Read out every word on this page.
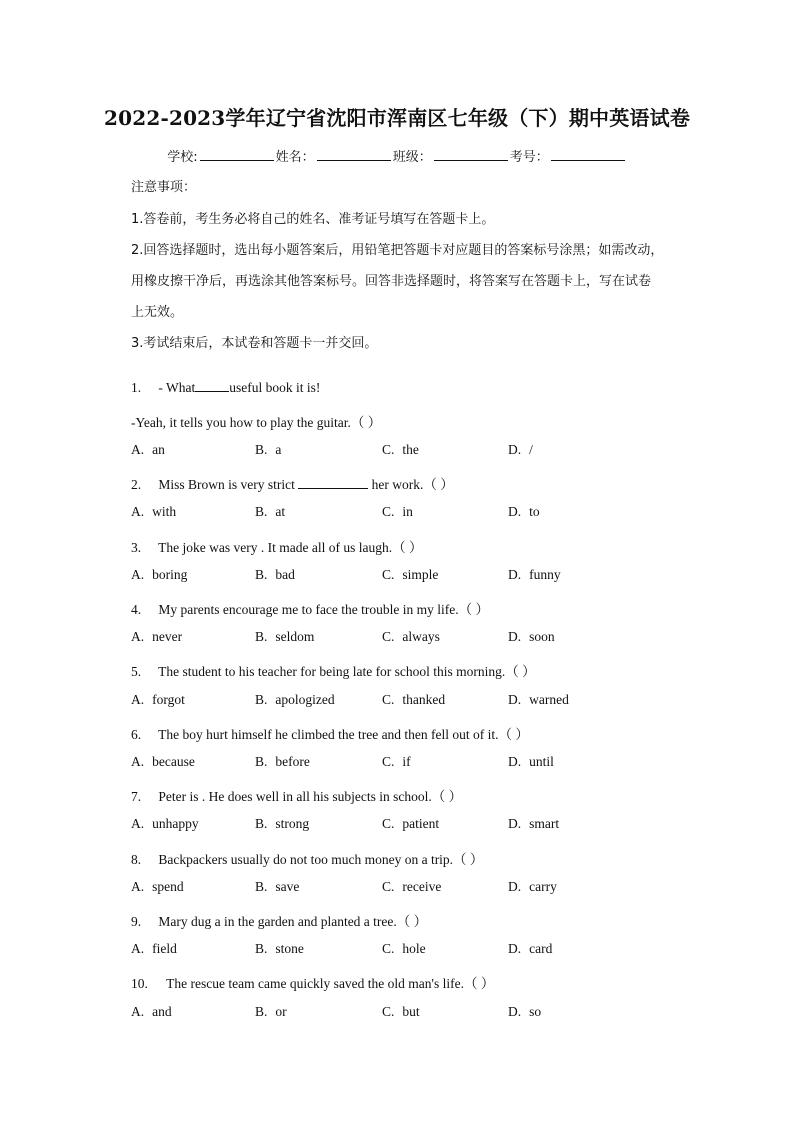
2022-2023学年辽宁省沈阳市浑南区七年级（下）期中英语试卷
学校:	姓名：	班级：	考号：
注意事项：
1.答卷前，考生务必将自己的姓名、准考证号填写在答题卡上。
2.回答选择题时，选出每小题答案后，用铅笔把答题卡对应题目的答案标号涂黑；如需改动，
用橡皮擦干净后，再选涂其他答案标号。回答非选择题时，将答案写在答题卡上，写在试卷
上无效。
3.考试结束后，本试卷和答题卡一并交回。
1. - What	useful book it is!
-Yeah, it tells you how to play the guitar.（ ）
A. an	B. a	C. the	D. /
2. Miss Brown is very strict	her work.（ ）
A. with	B. at	C. in	D. to
3. The joke was very . It made all of us laugh.（ ）
A. boring	B. bad	C. simple	D. funny
4. My parents encourage me to face the trouble in my life.（ ）
A. never	B. seldom	C. always	D. soon
5. The student to his teacher for being late for school this morning.（ ）
A. forgot	B. apologized	C. thanked	D. warned
6. The boy hurt himself he climbed the tree and then fell out of it.（ ）
A. because	B. before	C. if	D. until
7. Peter is . He does well in all his subjects in school.（ ）
A. unhappy	B. strong	C. patient	D. smart
8. Backpackers usually do not too much money on a trip.（ ）
A. spend	B. save	C. receive	D. carry
9. Mary dug a in the garden and planted a tree.（ ）
A. field	B. stone	C. hole	D. card
10. The rescue team came quickly saved the old man's life.（ ）
A. and	B. or	C. but	D. so
